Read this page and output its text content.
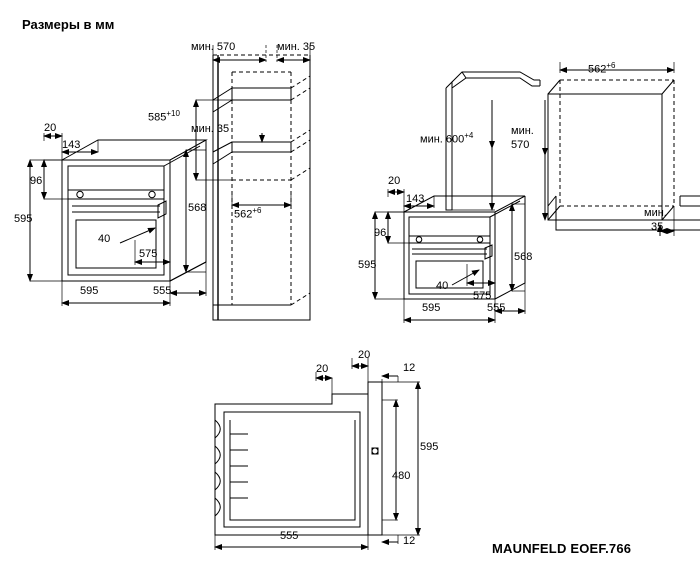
Размеры в мм
20
143
96
595
40
575
595	555
568
мин. 570	мин. 35
$585^{+10}$
мин. 35
$562^{+6}$
20
143
96
595
40
575
595	555
568
$562^{+6}$
мин. $600^{+4}$	мин.
570
мин.
35
20
20	12
595
480
12
555
MAUNFELD EOEF.766
